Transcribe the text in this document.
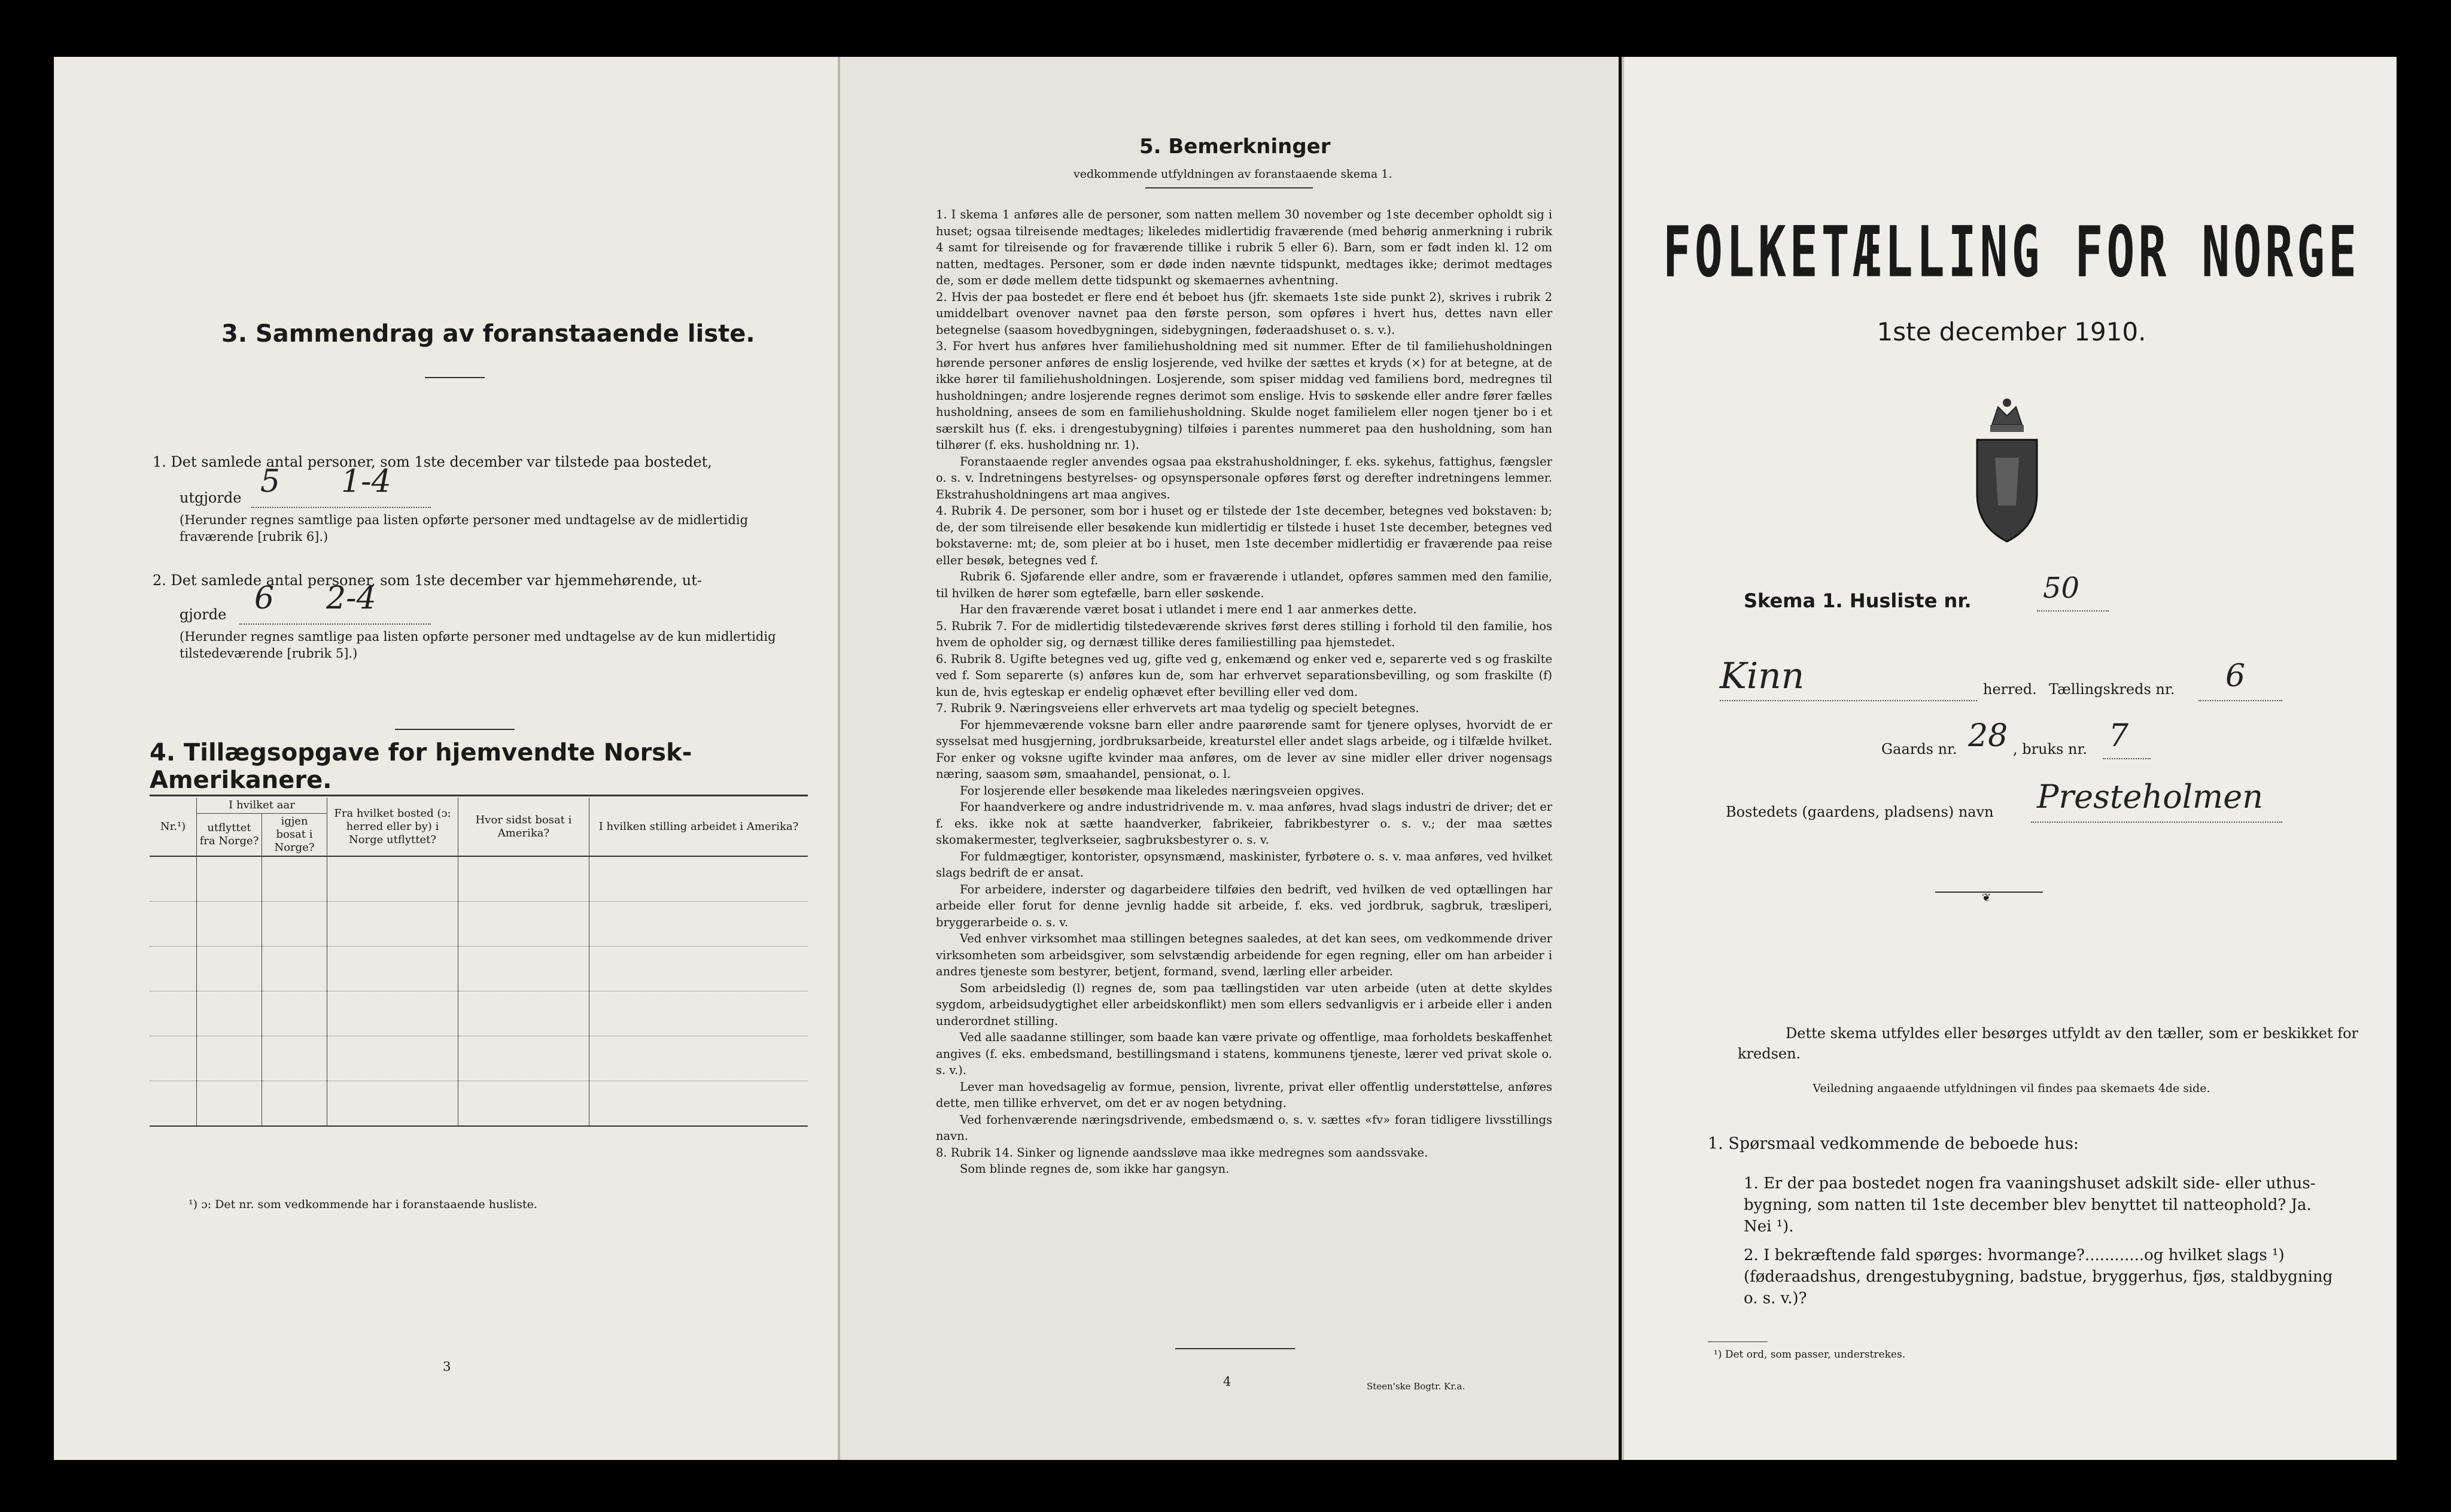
3. Sammendrag av foranstaaende liste.
1. Det samlede antal personer, som 1ste december var tilstede paa bostedet,
utgjorde 5 1-4
(Herunder regnes samtlige paa listen opførte personer med undtagelse av de midlertidig fraværende [rubrik 6].)
2. Det samlede antal personer, som 1ste december var hjemmehørende, ut-
gjorde 6 2-4
(Herunder regnes samtlige paa listen opførte personer med undtagelse av de kun midlertidig tilstedeværende [rubrik 5].)
4. Tillægsopgave for hjemvendte Norsk-Amerikanere.
Nr.¹)	I hvilket aar		Fra hvilket bosted (ɔ: herred eller by) i Norge utflyttet?	Hvor sidst bosat i Amerika?	I hvilken stilling arbeidet i Amerika?
	utflyttet fra Norge?	igjen bosat i Norge?			

¹) ɔ: Det nr. som vedkommende har i foranstaaende husliste.
3
5. Bemerkninger
vedkommende utfyldningen av foranstaaende skema 1.

1. I skema 1 anføres alle de personer, som natten mellem 30 november og 1ste december opholdt sig i huset; ogsaa tilreisende medtages; likeledes midlertidig fraværende (med behørig anmerkning i rubrik 4 samt for tilreisende og for fraværende tillike i rubrik 5 eller 6). Barn, som er født inden kl. 12 om natten, medtages. Personer, som er døde inden nævnte tidspunkt, medtages ikke; derimot medtages de, som er døde mellem dette tidspunkt og skemaernes avhentning.

2. Hvis der paa bostedet er flere end ét beboet hus (jfr. skemaets 1ste side punkt 2), skrives i rubrik 2 umiddelbart ovenover navnet paa den første person, som opføres i hvert hus, dettes navn eller betegnelse (saasom hovedbygningen, sidebygningen, føderaadshuset o. s. v.).

3. For hvert hus anføres hver familiehusholdning med sit nummer. Efter de til familiehusholdningen hørende personer anføres de enslig losjerende, ved hvilke der sættes et kryds (×) for at betegne, at de ikke hører til familiehusholdningen. Losjerende, som spiser middag ved familiens bord, medregnes til husholdningen; andre losjerende regnes derimot som enslige. Hvis to søskende eller andre fører fælles husholdning, ansees de som en familiehusholdning. Skulde noget familielem eller nogen tjener bo i et særskilt hus (f. eks. i drengestubygning) tilføies i parentes nummeret paa den husholdning, som han tilhører (f. eks. husholdning nr. 1).

Foranstaaende regler anvendes ogsaa paa ekstrahusholdninger, f. eks. sykehus, fattighus, fængsler o. s. v. Indretningens bestyrelses- og opsynspersonale opføres først og derefter indretningens lemmer. Ekstrahusholdningens art maa angives.

4. Rubrik 4. De personer, som bor i huset og er tilstede der 1ste december, betegnes ved bokstaven: b; de, der som tilreisende eller besøkende kun midlertidig er tilstede i huset 1ste december, betegnes ved bokstaverne: mt; de, som pleier at bo i huset, men 1ste december midlertidig er fraværende paa reise eller besøk, betegnes ved f.

Rubrik 6. Sjøfarende eller andre, som er fraværende i utlandet, opføres sammen med den familie, til hvilken de hører som egtefælle, barn eller søskende.

Har den fraværende været bosat i utlandet i mere end 1 aar anmerkes dette.

5. Rubrik 7. For de midlertidig tilstedeværende skrives først deres stilling i forhold til den familie, hos hvem de opholder sig, og dernæst tillike deres familiestilling paa hjemstedet.

6. Rubrik 8. Ugifte betegnes ved ug, gifte ved g, enkemænd og enker ved e, separerte ved s og fraskilte ved f. Som separerte (s) anføres kun de, som har erhvervet separationsbevilling, og som fraskilte (f) kun de, hvis egteskap er endelig ophævet efter bevilling eller ved dom.

7. Rubrik 9. Næringsveiens eller erhvervets art maa tydelig og specielt betegnes.

For hjemmeværende voksne barn eller andre paarørende samt for tjenere oplyses, hvorvidt de er sysselsat med husgjerning, jordbruksarbeide, kreaturstel eller andet slags arbeide, og i tilfælde hvilket. For enker og voksne ugifte kvinder maa anføres, om de lever av sine midler eller driver nogensags næring, saasom søm, smaahandel, pensionat, o. l.

For losjerende eller besøkende maa likeledes næringsveien opgives.

For haandverkere og andre industridrivende m. v. maa anføres, hvad slags industri de driver; det er f. eks. ikke nok at sætte haandverker, fabrikeier, fabrikbestyrer o. s. v.; der maa sættes skomakermester, teglverkseier, sagbruksbestyrer o. s. v.

For fuldmægtiger, kontorister, opsynsmænd, maskinister, fyrbøtere o. s. v. maa anføres, ved hvilket slags bedrift de er ansat.

For arbeidere, inderster og dagarbeidere tilføies den bedrift, ved hvilken de ved optællingen har arbeide eller forut for denne jevnlig hadde sit arbeide, f. eks. ved jordbruk, sagbruk, træsliperi, bryggerarbeide o. s. v.

Ved enhver virksomhet maa stillingen betegnes saaledes, at det kan sees, om vedkommende driver virksomheten som arbeidsgiver, som selvstændig arbeidende for egen regning, eller om han arbeider i andres tjeneste som bestyrer, betjent, formand, svend, lærling eller arbeider.

Som arbeidsledig (l) regnes de, som paa tællingstiden var uten arbeide (uten at dette skyldes sygdom, arbeidsudygtighet eller arbeidskonflikt) men som ellers sedvanligvis er i arbeide eller i anden underordnet stilling.

Ved alle saadanne stillinger, som baade kan være private og offentlige, maa forholdets beskaffenhet angives (f. eks. embedsmand, bestillingsmand i statens, kommunens tjeneste, lærer ved privat skole o. s. v.).

Lever man hovedsagelig av formue, pension, livrente, privat eller offentlig understøttelse, anføres dette, men tillike erhvervet, om det er av nogen betydning.

Ved forhenværende næringsdrivende, embedsmænd o. s. v. sættes «fv» foran tidligere livsstillings navn.

8. Rubrik 14. Sinker og lignende aandssløve maa ikke medregnes som aandssvake.

Som blinde regnes de, som ikke har gangsyn.

4	Steen'ske Bogtr. Kr.a.
FOLKETÆLLING FOR NORGE
1ste december 1910.
Skema 1. Husliste nr. 50
Kinn	herred. Tællingskreds nr. 6
Gaards nr. 28 , bruks nr. 7
Bostedets (gaardens, pladsens) navn Presteholmen
❦
Dette skema utfyldes eller besørges utfyldt av den tæller, som er beskikket for kredsen.
Veiledning angaaende utfyldningen vil findes paa skemaets 4de side.
1. Spørsmaal vedkommende de beboede hus:
1. Er der paa bostedet nogen fra vaaningshuset adskilt side- eller uthus-bygning, som natten til 1ste december blev benyttet til natteophold? Ja. Nei ¹).
2. I bekræftende fald spørges: hvormange?............og hvilket slags ¹) (føderaadshus, drengestubygning, badstue, bryggerhus, fjøs, staldbygning o. s. v.)?
¹) Det ord, som passer, understrekes.
